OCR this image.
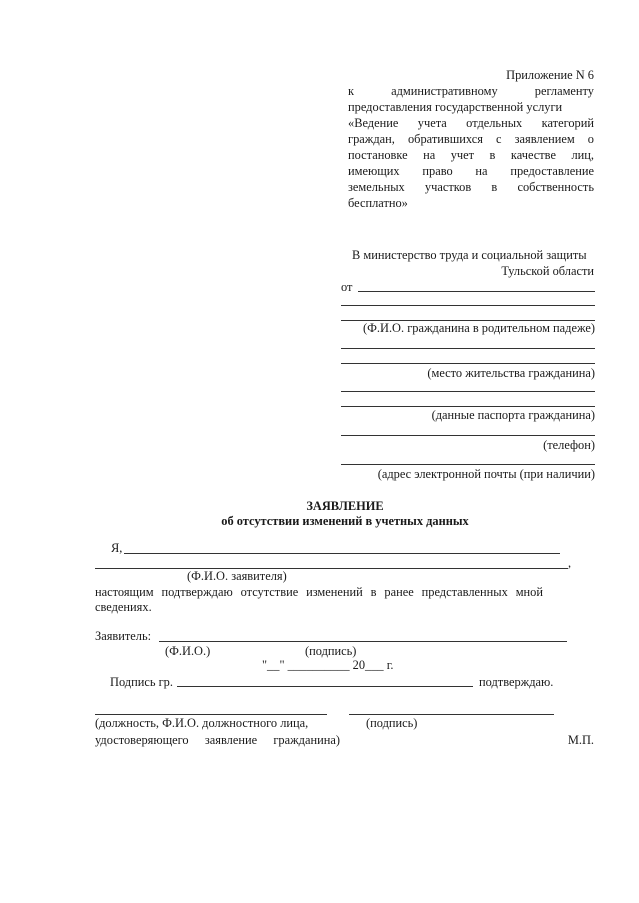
Приложение N 6
к административному регламенту
предоставления государственной услуги
«Ведение учета отдельных категорий
граждан, обратившихся с заявлением о
постановке на учет в качестве лиц,
имеющих право на предоставление
земельных участков в собственность
бесплатно»
В министерство труда и социальной защиты
Тульской области
от
(Ф.И.О. гражданина в родительном падеже)
(место жительства гражданина)
(данные паспорта гражданина)
(телефон)
(адрес электронной почты (при наличии)
ЗАЯВЛЕНИЕ
об отсутствии изменений в учетных данных
Я,
,
(Ф.И.О. заявителя)
настоящим подтверждаю отсутствие изменений в ранее представленных мной
сведениях.
Заявитель:
(Ф.И.О.)	(подпись)
"__" __________ 20___ г.
Подпись гр.	подтверждаю.
(должность, Ф.И.О. должностного лица,	(подпись)
удостоверяющего заявление гражданина)	М.П.
